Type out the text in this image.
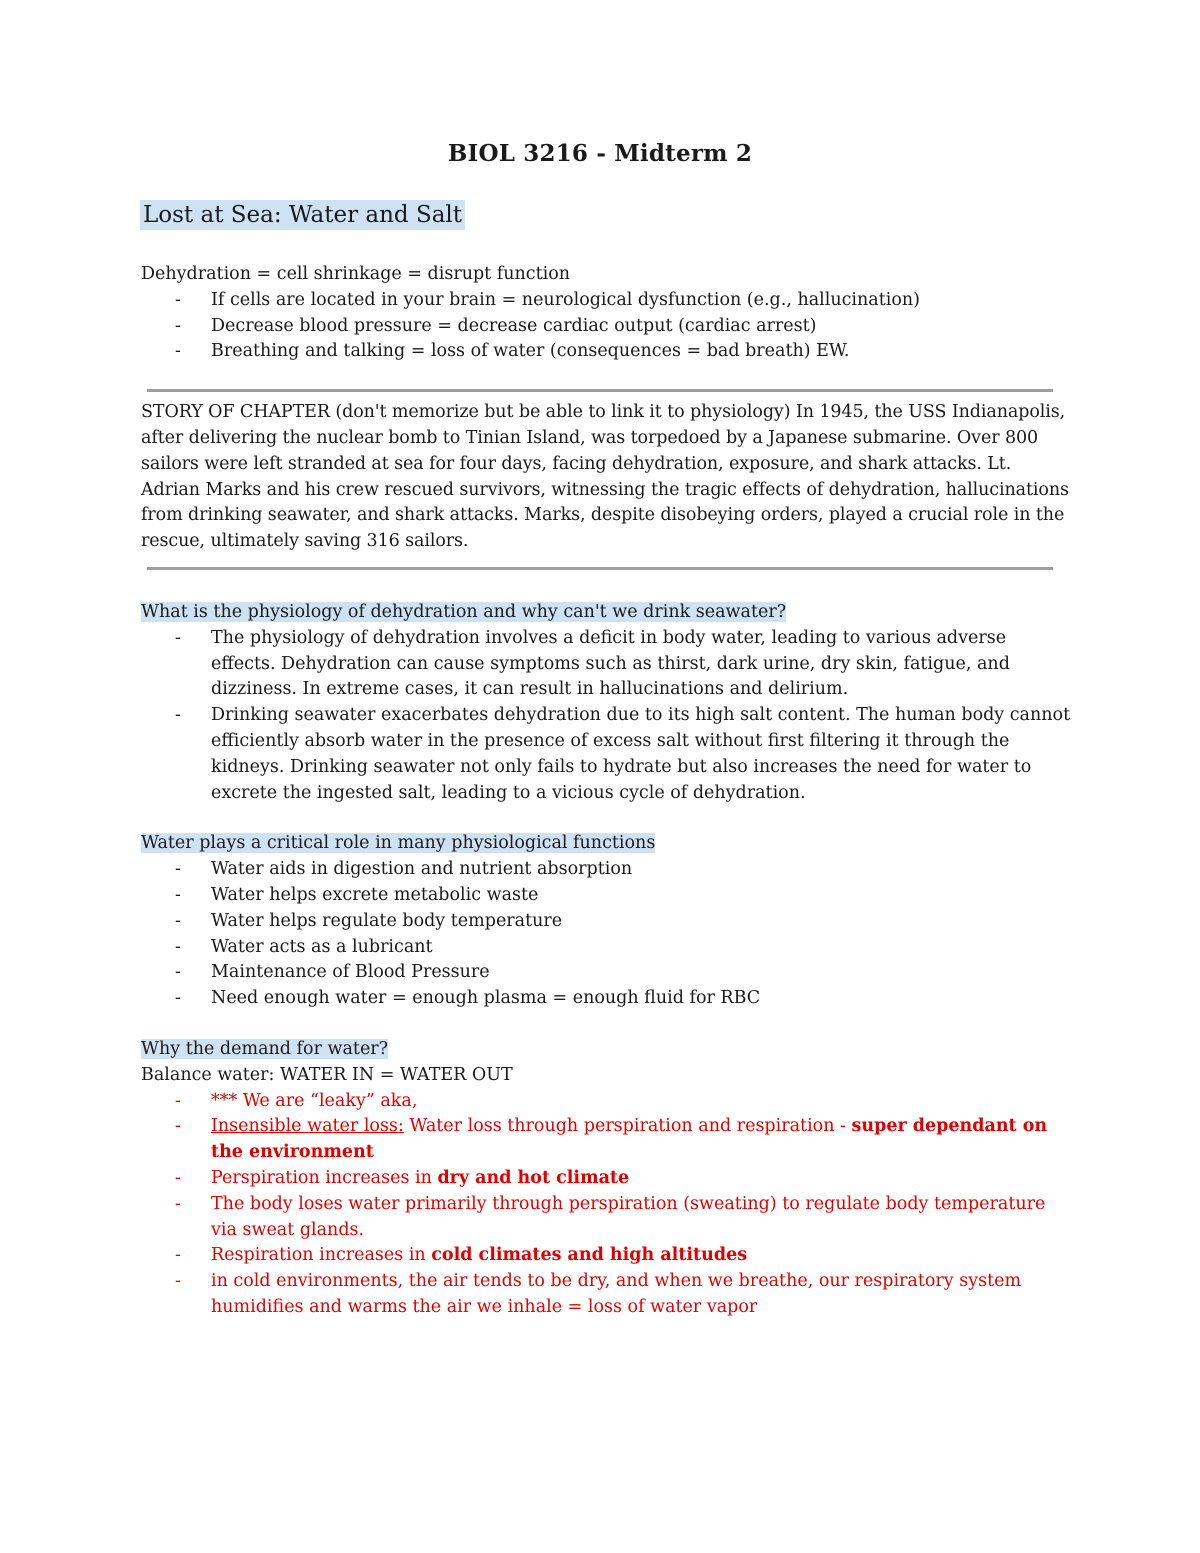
BIOL 3216 - Midterm 2
Lost at Sea: Water and Salt

Dehydration = cell shrinkage = disrupt function

- If cells are located in your brain = neurological dysfunction (e.g., hallucination)
- Decrease blood pressure = decrease cardiac output (cardiac arrest)
- Breathing and talking = loss of water (consequences = bad breath) EW.

STORY OF CHAPTER (don't memorize but be able to link it to physiology) In 1945, the USS Indianapolis, after delivering the nuclear bomb to Tinian Island, was torpedoed by a Japanese submarine. Over 800 sailors were left stranded at sea for four days, facing dehydration, exposure, and shark attacks. Lt. Adrian Marks and his crew rescued survivors, witnessing the tragic effects of dehydration, hallucinations from drinking seawater, and shark attacks. Marks, despite disobeying orders, played a crucial role in the rescue, ultimately saving 316 sailors.

What is the physiology of dehydration and why can't we drink seawater?

- The physiology of dehydration involves a deficit in body water, leading to various adverse effects. Dehydration can cause symptoms such as thirst, dark urine, dry skin, fatigue, and dizziness. In extreme cases, it can result in hallucinations and delirium.
- Drinking seawater exacerbates dehydration due to its high salt content. The human body cannot efficiently absorb water in the presence of excess salt without first filtering it through the kidneys. Drinking seawater not only fails to hydrate but also increases the need for water to excrete the ingested salt, leading to a vicious cycle of dehydration.

Water plays a critical role in many physiological functions

- Water aids in digestion and nutrient absorption
- Water helps excrete metabolic waste
- Water helps regulate body temperature
- Water acts as a lubricant
- Maintenance of Blood Pressure
- Need enough water = enough plasma = enough fluid for RBC

Why the demand for water?

Balance water: WATER IN = WATER OUT

- *** We are “leaky” aka,
- Insensible water loss: Water loss through perspiration and respiration - super dependant on the environment
- Perspiration increases in dry and hot climate
- The body loses water primarily through perspiration (sweating) to regulate body temperature via sweat glands.
- Respiration increases in cold climates and high altitudes
- in cold environments, the air tends to be dry, and when we breathe, our respiratory system humidifies and warms the air we inhale = loss of water vapor
